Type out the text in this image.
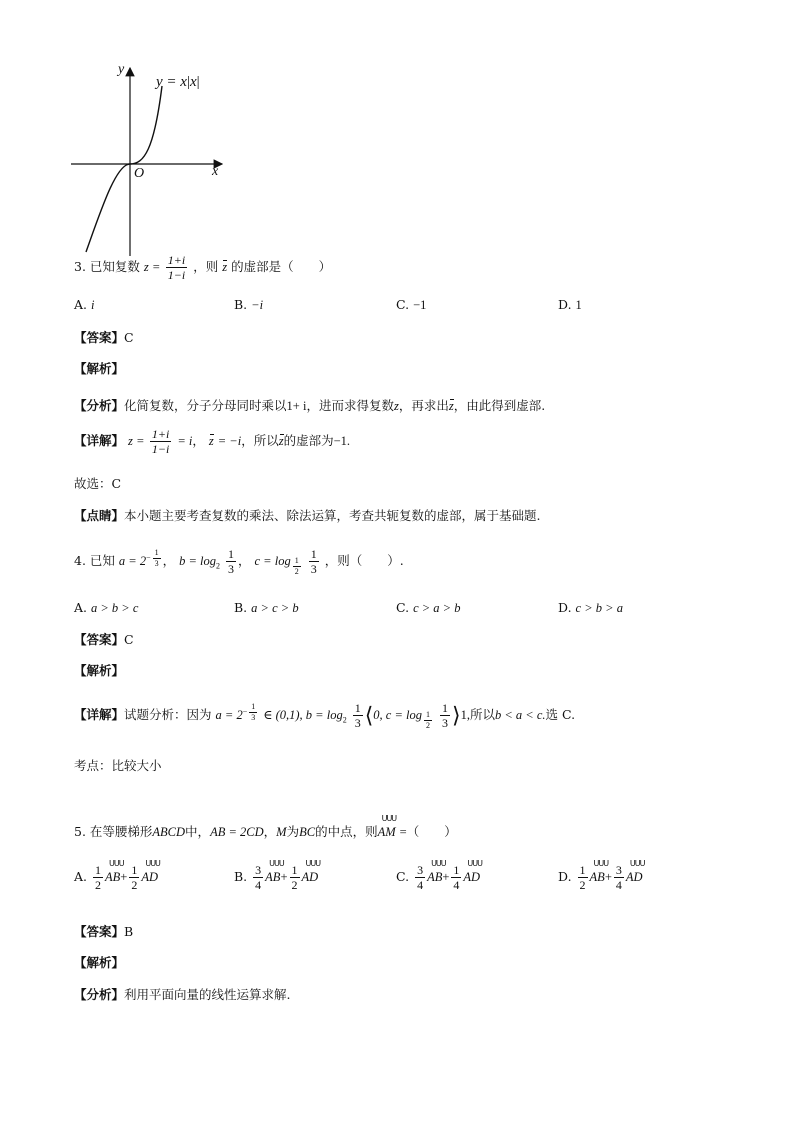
y
x
O
y = x|x|
3. 已知复数 $z = \frac{1+i}{1-i}$ ，则 z 的虚部是（　　）
A. i	B. −i	C. −1	D. 1
【答案】C
【解析】
【分析】化简复数，分子分母同时乘以1+ i，进而求得复数z，再求出z，由此得到虚部.
【详解】 $z = \frac{1+i}{1-i} = i$， z = −i，所以z的虚部为−1.
故选：C
【点睛】本小题主要考查复数的乘法、除法运算，考查共轭复数的虚部，属于基础题.
4. 已知 $a = 2^{- \frac{1}{3}}$ ， $b = \log_2 \frac{1}{3}$ ， c = log $_{\frac{1}{2}}$
$\frac{1}{3}$ ，则（　　）.
A. a > b > c	B. a > c > b	C. c > a > b	D. c > b > a
【答案】C
【解析】
【详解】试题分析：因为 $a = 2^{- \frac{1}{3}}$ ∈ (0,1), $b = \log_2 \frac{1}{3}$ ⟨0, c = log $_{\frac{1}{2}}$
$\frac{1}{3}$ ⟩1,所以b < a < c.选 C.
考点：比较大小
5. 在等腰梯形ABCD中，AB = 2CD，M为BC的中点，则ꓴꓴꓴ AM =（　　）
A. $\frac{1}{2}$ ꓴꓴꓴ $AB+ \frac{1}{2}$ ꓴꓴꓴ AD	B. $\frac{3}{4}$ ꓴꓴꓴ $AB+ \frac{1}{2}$ ꓴꓴꓴ AD	C. $\frac{3}{4}$ ꓴꓴꓴ $AB+ \frac{1}{4}$ ꓴꓴꓴ AD	D. $\frac{1}{2}$ ꓴꓴꓴ $AB+ \frac{3}{4}$ ꓴꓴꓴ AD
【答案】B
【解析】
【分析】利用平面向量的线性运算求解.
